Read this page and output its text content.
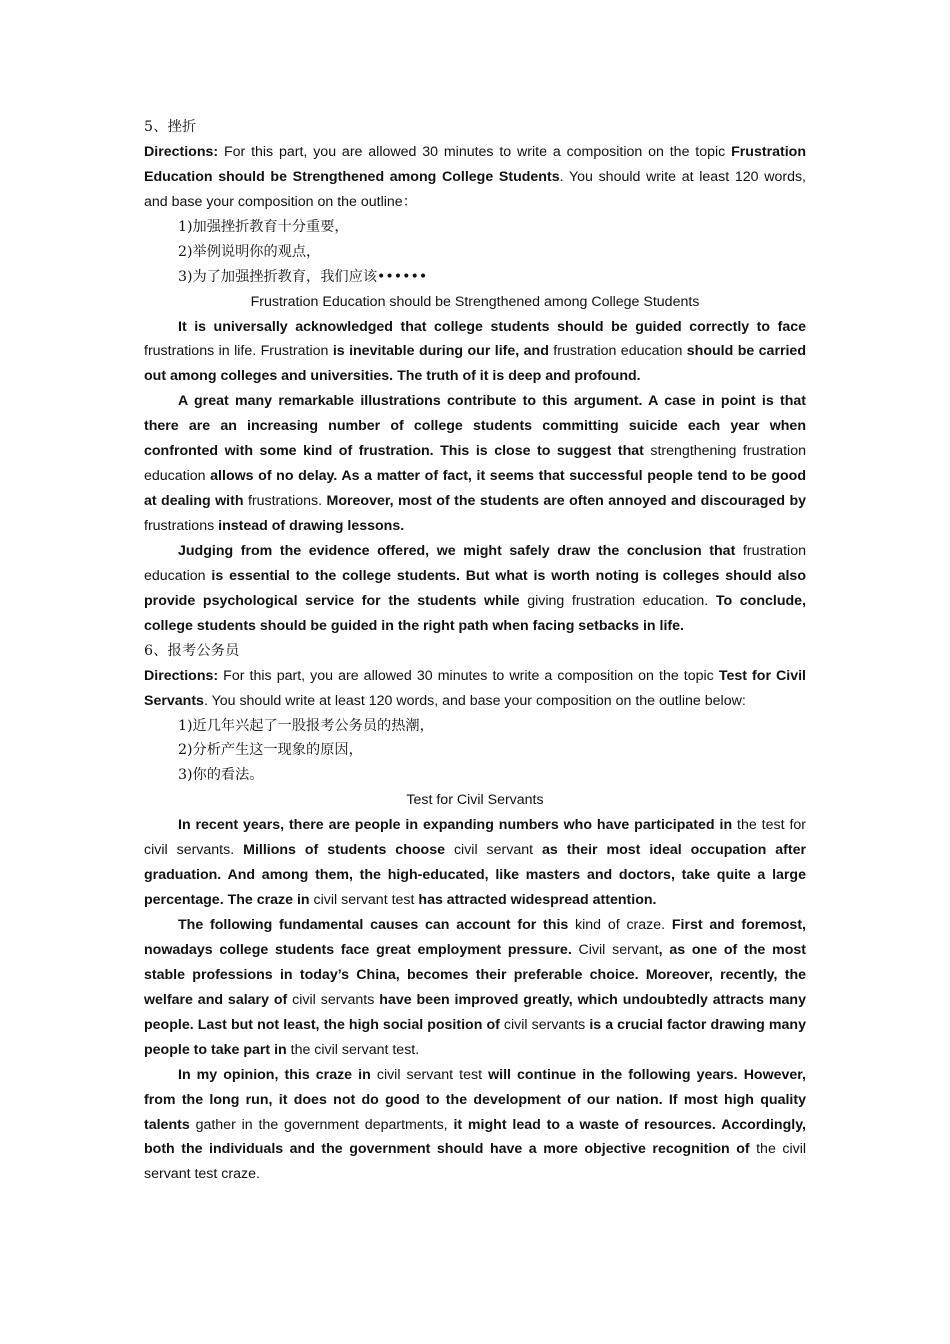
5、挫折
Directions: For this part, you are allowed 30 minutes to write a composition on the topic Frustration Education should be Strengthened among College Students. You should write at least 120 words, and base your composition on the outline：
1)加强挫折教育十分重要，
2)举例说明你的观点，
3)为了加强挫折教育，我们应该••••••
Frustration Education should be Strengthened among College Students
It is universally acknowledged that college students should be guided correctly to face frustrations in life. Frustration is inevitable during our life, and frustration education should be carried out among colleges and universities. The truth of it is deep and profound.
A great many remarkable illustrations contribute to this argument. A case in point is that there are an increasing number of college students committing suicide each year when confronted with some kind of frustration. This is close to suggest that strengthening frustration education allows of no delay. As a matter of fact, it seems that successful people tend to be good at dealing with frustrations. Moreover, most of the students are often annoyed and discouraged by frustrations instead of drawing lessons.
Judging from the evidence offered, we might safely draw the conclusion that frustration education is essential to the college students. But what is worth noting is colleges should also provide psychological service for the students while giving frustration education. To conclude, college students should be guided in the right path when facing setbacks in life.
6、报考公务员
Directions: For this part, you are allowed 30 minutes to write a composition on the topic Test for Civil Servants. You should write at least 120 words, and base your composition on the outline below:
1)近几年兴起了一股报考公务员的热潮，
2)分析产生这一现象的原因，
3)你的看法。
Test for Civil Servants
In recent years, there are people in expanding numbers who have participated in the test for civil servants. Millions of students choose civil servant as their most ideal occupation after graduation. And among them, the high-educated, like masters and doctors, take quite a large percentage. The craze in civil servant test has attracted widespread attention.
The following fundamental causes can account for this kind of craze. First and foremost, nowadays college students face great employment pressure. Civil servant, as one of the most stable professions in today’s China, becomes their preferable choice. Moreover, recently, the welfare and salary of civil servants have been improved greatly, which undoubtedly attracts many people. Last but not least, the high social position of civil servants is a crucial factor drawing many people to take part in the civil servant test.
In my opinion, this craze in civil servant test will continue in the following years. However, from the long run, it does not do good to the development of our nation. If most high quality talents gather in the government departments, it might lead to a waste of resources. Accordingly, both the individuals and the government should have a more objective recognition of the civil servant test craze.
